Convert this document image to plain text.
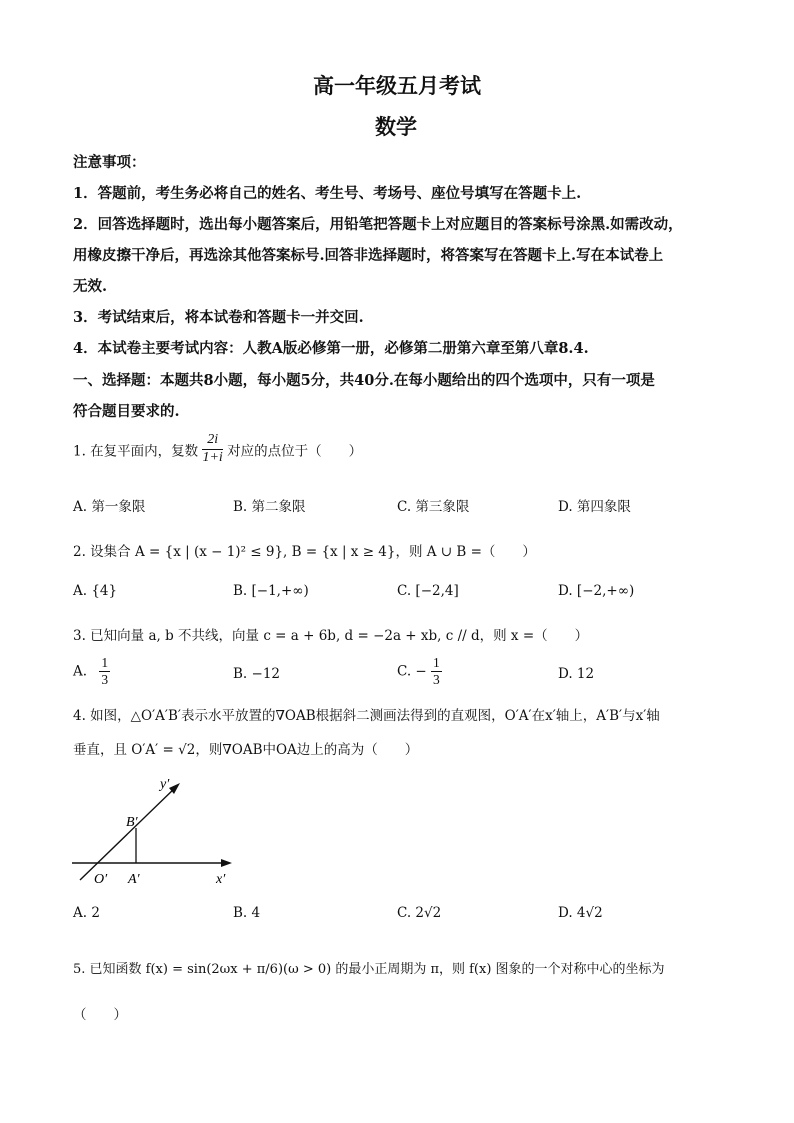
高一年级五月考试
数学
注意事项：
1．答题前，考生务必将自己的姓名、考生号、考场号、座位号填写在答题卡上.
2．回答选择题时，选出每小题答案后，用铅笔把答题卡上对应题目的答案标号涂黑.如需改动，
用橡皮擦干净后，再选涂其他答案标号.回答非选择题时，将答案写在答题卡上.写在本试卷上
无效.
3．考试结束后，将本试卷和答题卡一并交回.
4．本试卷主要考试内容：人教A版必修第一册，必修第二册第六章至第八章8.4.
一、选择题：本题共8小题，每小题5分，共40分.在每小题给出的四个选项中，只有一项是
符合题目要求的.
1. 在复平面内，复数 $\frac{2i}{1+i}$ 对应的点位于（　　）
A. 第一象限	B. 第二象限	C. 第三象限	D. 第四象限
2. 设集合 A = {x | (x − 1)² ≤ 9}, B = {x | x ≥ 4}，则 A ∪ B =（　　）
A. {4}	B. [−1,+∞)	C. [−2,4]	D. [−2,+∞)
3. 已知向量 a, b 不共线，向量 c = a + 6b, d = −2a + xb, c // d，则 x =（　　）
A. $\frac{1}{3}$	B. −12	C. − $\frac{1}{3}$	D. 12
4. 如图，△O′A′B′表示水平放置的∇OAB根据斜二测画法得到的直观图，O′A′在x′轴上，A′B′与x′轴
垂直，且 O′A′ = √2，则∇OAB中OA边上的高为（　　）
y′
x′
B′
O′ A′
A. 2	B. 4	C. 2√2	D. 4√2
5. 已知函数 f(x) = sin(2ωx + π/6)(ω > 0) 的最小正周期为 π，则 f(x) 图象的一个对称中心的坐标为
（　　）
